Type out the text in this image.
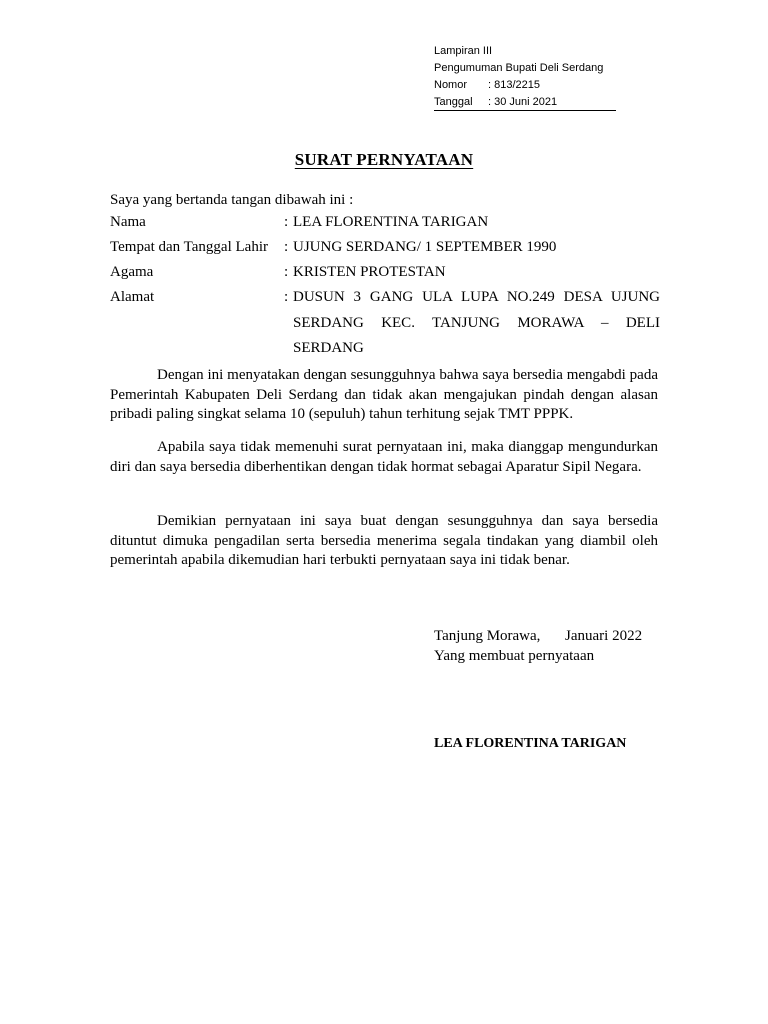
Lampiran III
Pengumuman Bupati Deli Serdang
Nomor : 813/2215
Tanggal : 30 Juni 2021
SURAT PERNYATAAN
Saya yang bertanda tangan dibawah ini :
Nama	: LEA FLORENTINA TARIGAN
Tempat dan Tanggal Lahir	: UJUNG SERDANG/ 1 SEPTEMBER 1990
Agama	: KRISTEN PROTESTAN
Alamat	: DUSUN 3 GANG ULA LUPA NO.249 DESA UJUNG SERDANG KEC. TANJUNG MORAWA – DELI SERDANG

Dengan ini menyatakan dengan sesungguhnya bahwa saya bersedia mengabdi pada Pemerintah Kabupaten Deli Serdang dan tidak akan mengajukan pindah dengan alasan pribadi paling singkat selama 10 (sepuluh) tahun terhitung sejak TMT PPPK.

Apabila saya tidak memenuhi surat pernyataan ini, maka dianggap mengundurkan diri dan saya bersedia diberhentikan dengan tidak hormat sebagai Aparatur Sipil Negara.

Demikian pernyataan ini saya buat dengan sesungguhnya dan saya bersedia dituntut dimuka pengadilan serta bersedia menerima segala tindakan yang diambil oleh pemerintah apabila dikemudian hari terbukti pernyataan saya ini tidak benar.

Tanjung Morawa, Januari 2022
Yang membuat pernyataan
LEA FLORENTINA TARIGAN
